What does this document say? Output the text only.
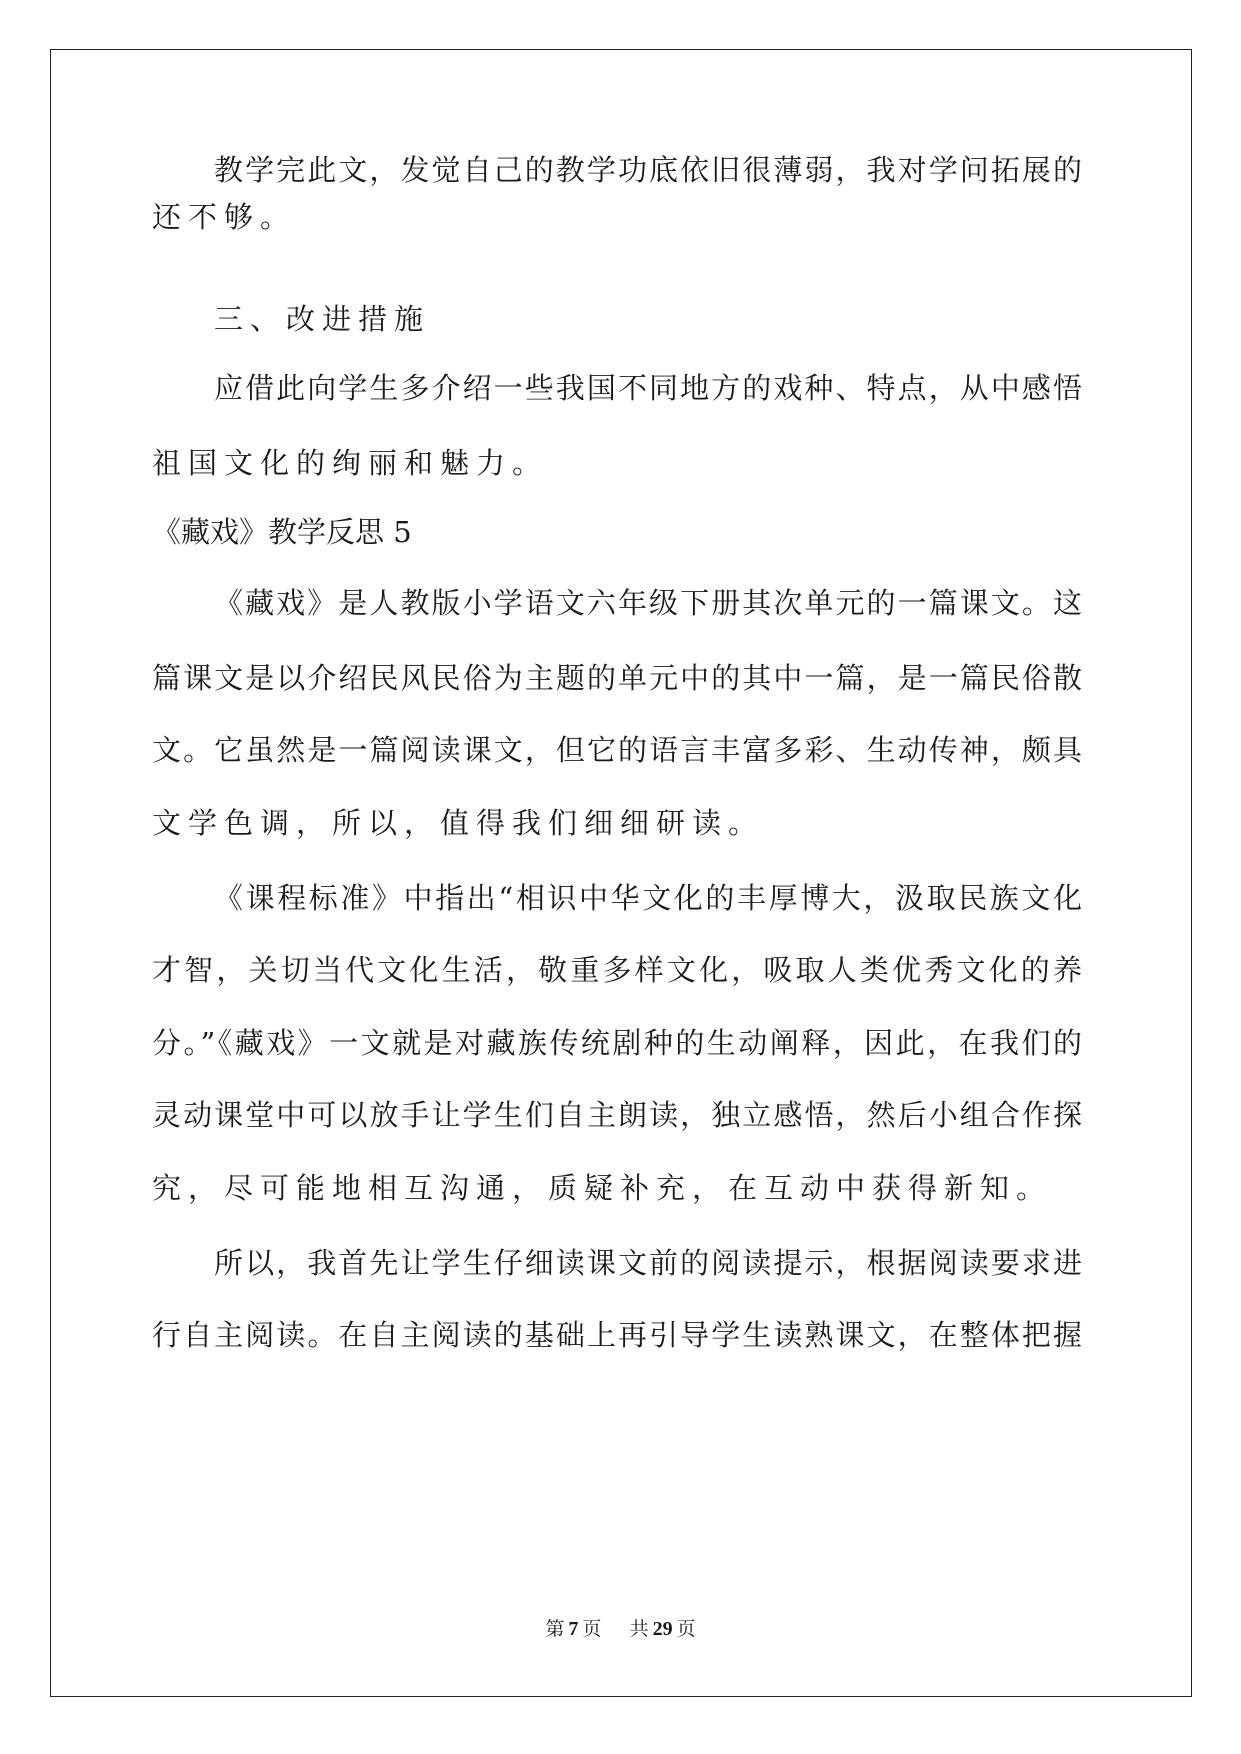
教学完此文，发觉自己的教学功底依旧很薄弱，我对学问拓展的
还不够。
三、改进措施
应借此向学生多介绍一些我国不同地方的戏种、特点，从中感悟
祖国文化的绚丽和魅力。
《藏戏》教学反思 5
《藏戏》是人教版小学语文六年级下册其次单元的一篇课文。这
篇课文是以介绍民风民俗为主题的单元中的其中一篇，是一篇民俗散
文。它虽然是一篇阅读课文，但它的语言丰富多彩、生动传神，颇具
文学色调，所以，值得我们细细研读。
《课程标准》中指出“相识中华文化的丰厚博大，汲取民族文化
才智，关切当代文化生活，敬重多样文化，吸取人类优秀文化的养
分。”《藏戏》一文就是对藏族传统剧种的生动阐释，因此，在我们的
灵动课堂中可以放手让学生们自主朗读，独立感悟，然后小组合作探
究，尽可能地相互沟通，质疑补充，在互动中获得新知。
所以，我首先让学生仔细读课文前的阅读提示，根据阅读要求进
行自主阅读。在自主阅读的基础上再引导学生读熟课文，在整体把握
第 7 页 共 29 页
